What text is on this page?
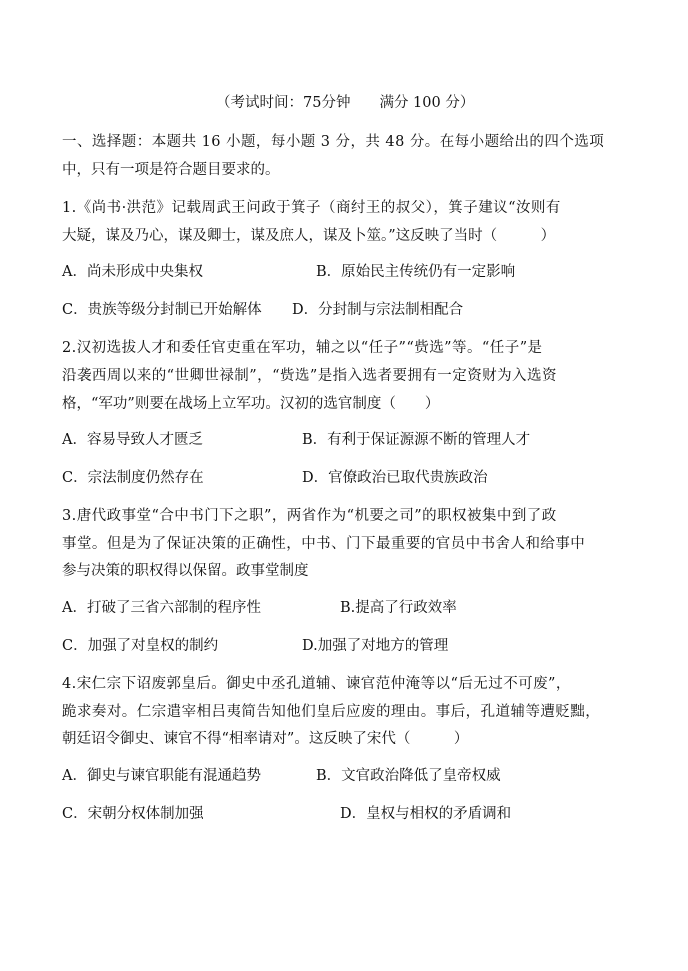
（考试时间：75分钟　　满分 100 分）
一、选择题：本题共 16 小题，每小题 3 分，共 48 分。在每小题给出的四个选项
中，只有一项是符合题目要求的。
1.《尚书·洪范》记载周武王问政于箕子（商纣王的叔父），箕子建议“汝则有
大疑，谋及乃心，谋及卿士，谋及庶人，谋及卜筮。”这反映了当时（　　　）
A．尚未形成中央集权	B．原始民主传统仍有一定影响
C．贵族等级分封制已开始解体 D．分封制与宗法制相配合
2.汉初选拔人才和委任官吏重在军功，辅之以“任子”“赀选”等。“任子”是
沿袭西周以来的“世卿世禄制”，“赀选”是指入选者要拥有一定资财为入选资
格，“军功”则要在战场上立军功。汉初的选官制度（　　）
A．容易导致人才匮乏	B．有利于保证源源不断的管理人才
C．宗法制度仍然存在	D．官僚政治已取代贵族政治
3.唐代政事堂“合中书门下之职”，两省作为“机要之司”的职权被集中到了政
事堂。但是为了保证决策的正确性，中书、门下最重要的官员中书舍人和给事中
参与决策的职权得以保留。政事堂制度
A．打破了三省六部制的程序性	B.提高了行政效率
C．加强了对皇权的制约	D.加强了对地方的管理
4.宋仁宗下诏废郭皇后。御史中丞孔道辅、谏官范仲淹等以“后无过不可废”，
跪求奏对。仁宗遣宰相吕夷简告知他们皇后应废的理由。事后，孔道辅等遭贬黜，
朝廷诏令御史、谏官不得“相率请对”。这反映了宋代（　　　）
A．御史与谏官职能有混通趋势	B．文官政治降低了皇帝权威
C．宋朝分权体制加强	D．皇权与相权的矛盾调和
